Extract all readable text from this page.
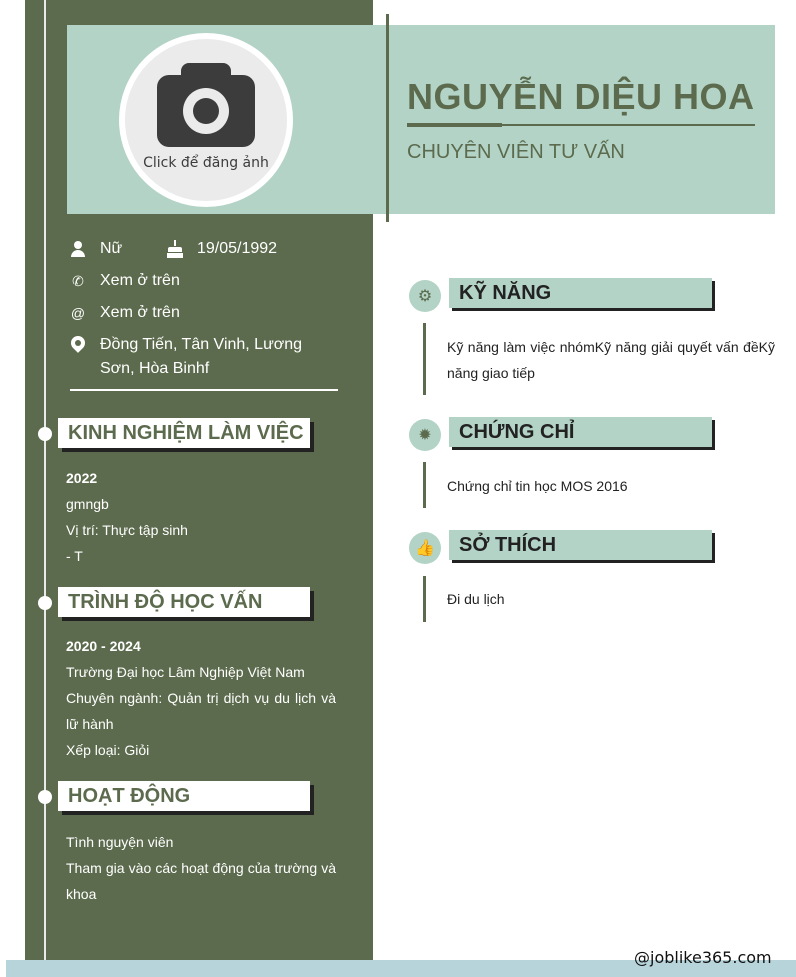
Click để đăng ảnh
NGUYỄN DIỆU HOA
CHUYÊN VIÊN TƯ VẤN
Nữ	19/05/1992
✆ Xem ở trên
@ Xem ở trên
Đồng Tiến, Tân Vinh, Lương Sơn, Hòa Binhf
KINH NGHIỆM LÀM VIỆC
2022
gmngb
Vị trí: Thực tập sinh
- T
TRÌNH ĐỘ HỌC VẤN
2020 - 2024
Trường Đại học Lâm Nghiệp Việt Nam
Chuyên ngành: Quản trị dịch vụ du lịch và lữ hành
Xếp loại: Giỏi
HOẠT ĐỘNG
Tình nguyện viên
Tham gia vào các hoạt động của trường và khoa
⚙	KỸ NĂNG
Kỹ năng làm việc nhómKỹ năng giải quyết vấn đềKỹ năng giao tiếp
✹	CHỨNG CHỈ
Chứng chỉ tin học MOS 2016
👍	SỞ THÍCH
Đi du lịch
@joblike365.com
